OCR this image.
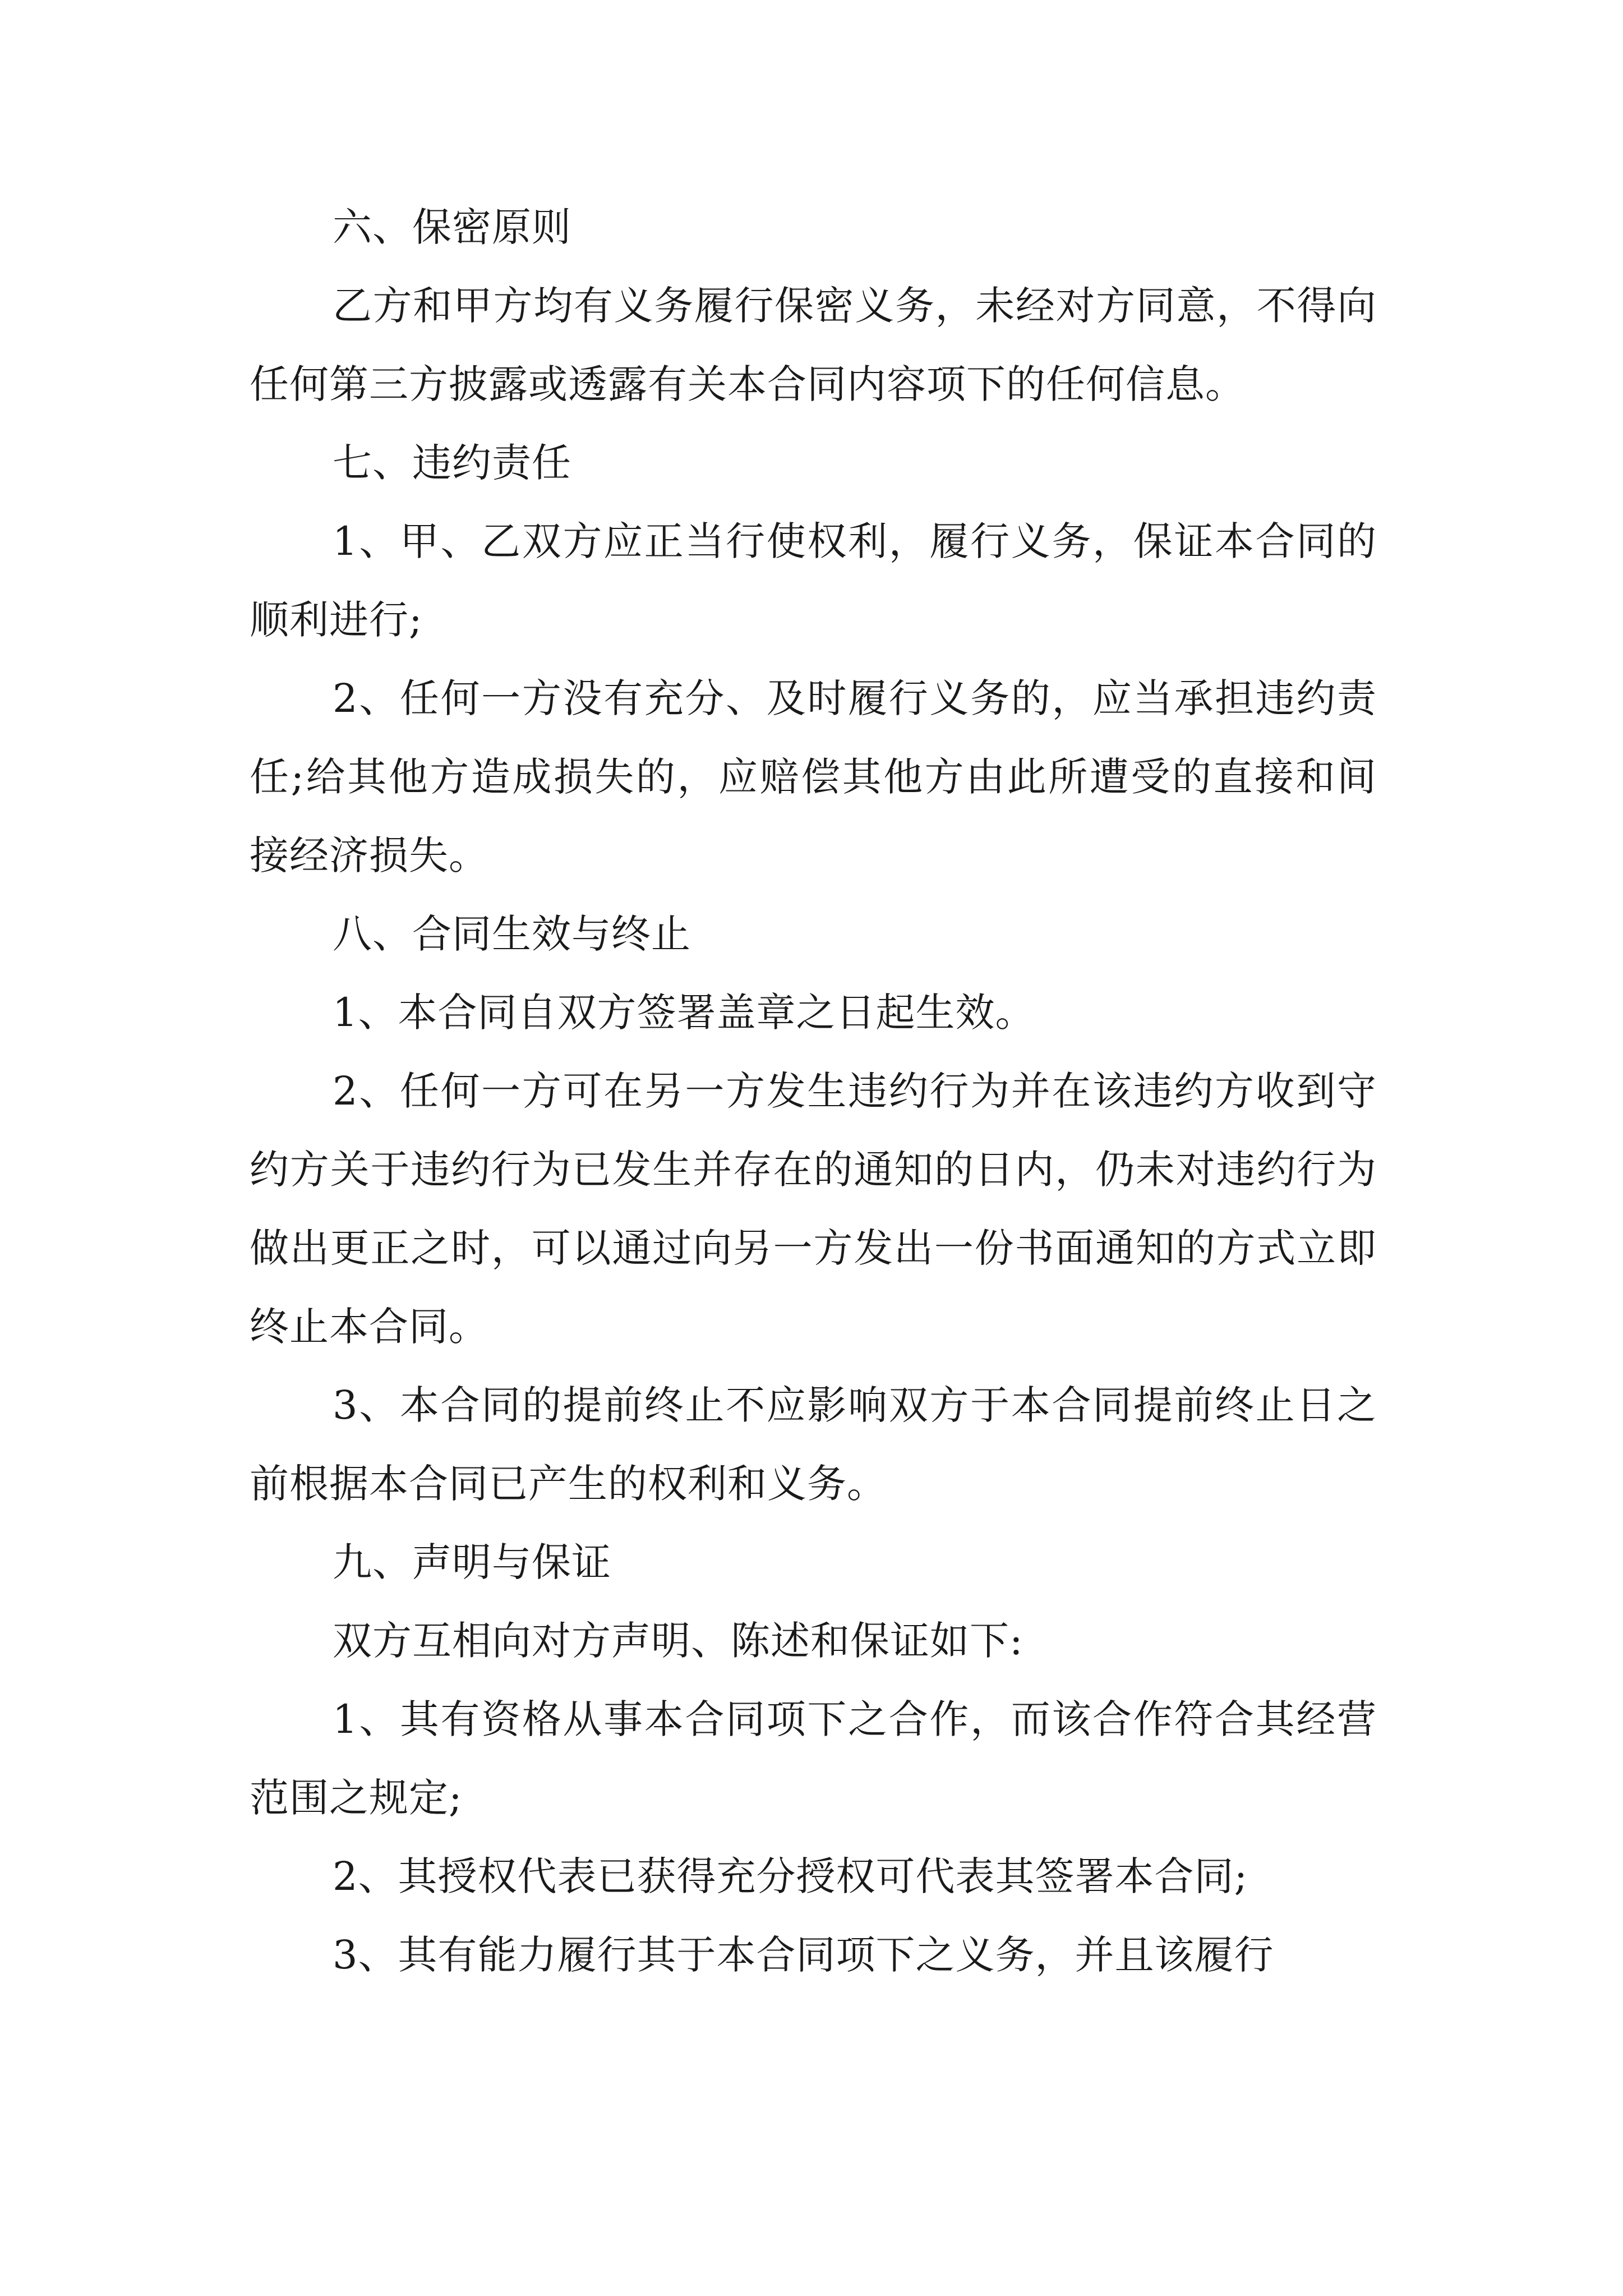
六、保密原则

乙方和甲方均有义务履行保密义务，未经对方同意，不得向任何第三方披露或透露有关本合同内容项下的任何信息。

七、违约责任

1、甲、乙双方应正当行使权利，履行义务，保证本合同的顺利进行;

2、任何一方没有充分、及时履行义务的，应当承担违约责任;给其他方造成损失的，应赔偿其他方由此所遭受的直接和间接经济损失。

八、合同生效与终止

1、本合同自双方签署盖章之日起生效。

2、任何一方可在另一方发生违约行为并在该违约方收到守约方关于违约行为已发生并存在的通知的日内，仍未对违约行为做出更正之时，可以通过向另一方发出一份书面通知的方式立即终止本合同。

3、本合同的提前终止不应影响双方于本合同提前终止日之前根据本合同已产生的权利和义务。

九、声明与保证

双方互相向对方声明、陈述和保证如下:

1、其有资格从事本合同项下之合作，而该合作符合其经营范围之规定;

2、其授权代表已获得充分授权可代表其签署本合同;

3、其有能力履行其于本合同项下之义务，并且该履行
